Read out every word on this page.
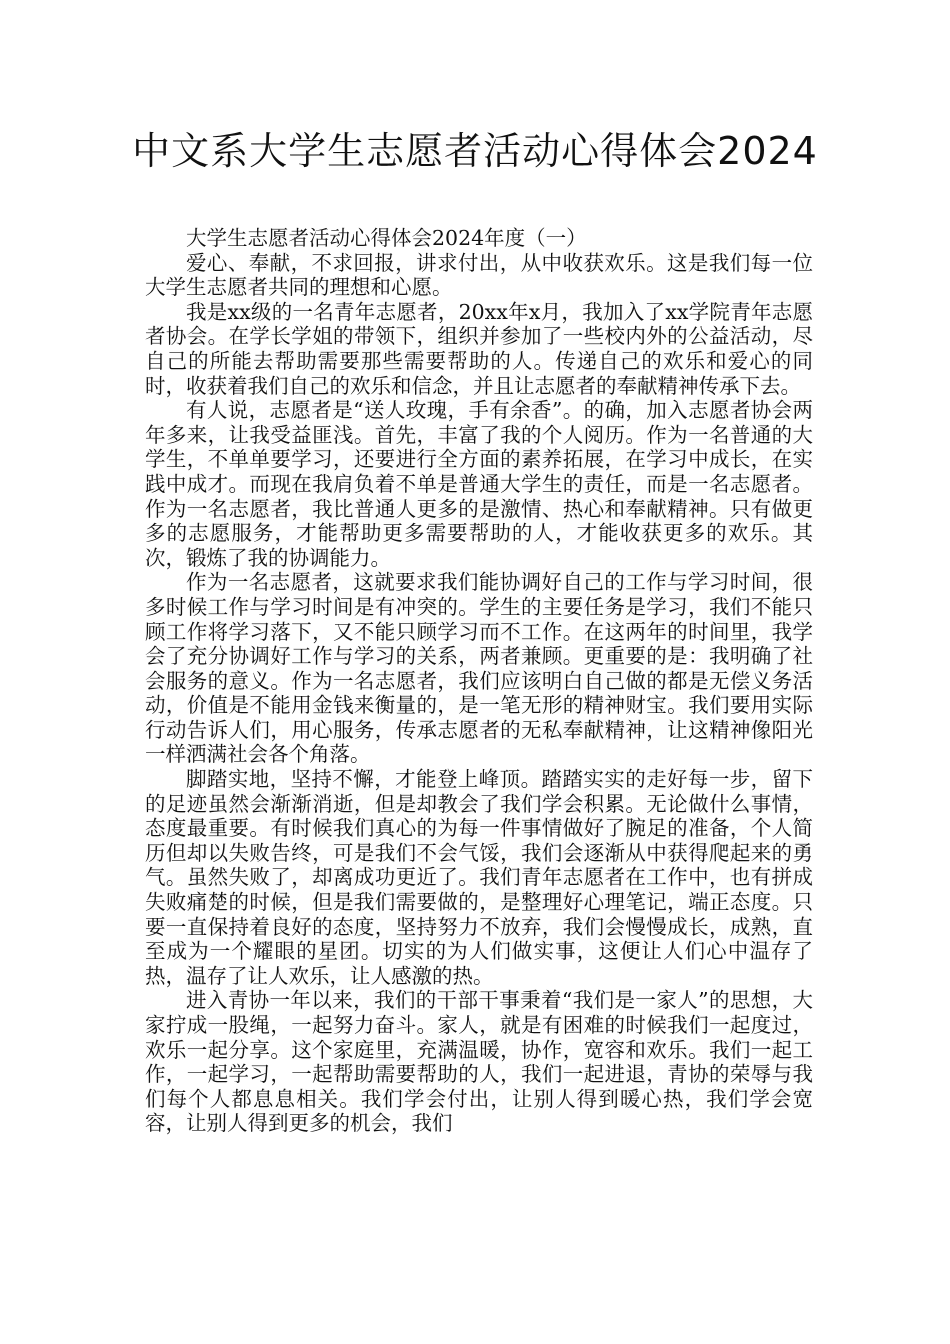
中文系大学生志愿者活动心得体会2024

大学生志愿者活动心得体会2024年度（一）

爱心、奉献，不求回报，讲求付出，从中收获欢乐。这是我们每一位大学生志愿者共同的理想和心愿。

我是xx级的一名青年志愿者，20xx年x月，我加入了xx学院青年志愿者协会。在学长学姐的带领下，组织并参加了一些校内外的公益活动，尽自己的所能去帮助需要那些需要帮助的人。传递自己的欢乐和爱心的同时，收获着我们自己的欢乐和信念，并且让志愿者的奉献精神传承下去。

有人说，志愿者是“送人玫瑰，手有余香”。的确，加入志愿者协会两年多来，让我受益匪浅。首先，丰富了我的个人阅历。作为一名普通的大学生，不单单要学习，还要进行全方面的素养拓展，在学习中成长，在实践中成才。而现在我肩负着不单是普通大学生的责任，而是一名志愿者。作为一名志愿者，我比普通人更多的是激情、热心和奉献精神。只有做更多的志愿服务，才能帮助更多需要帮助的人，才能收获更多的欢乐。其次，锻炼了我的协调能力。

作为一名志愿者，这就要求我们能协调好自己的工作与学习时间，很多时候工作与学习时间是有冲突的。学生的主要任务是学习，我们不能只顾工作将学习落下，又不能只顾学习而不工作。在这两年的时间里，我学会了充分协调好工作与学习的关系，两者兼顾。更重要的是：我明确了社会服务的意义。作为一名志愿者，我们应该明白自己做的都是无偿义务活动，价值是不能用金钱来衡量的，是一笔无形的精神财宝。我们要用实际行动告诉人们，用心服务，传承志愿者的无私奉献精神，让这精神像阳光一样洒满社会各个角落。

脚踏实地，坚持不懈，才能登上峰顶。踏踏实实的走好每一步，留下的足迹虽然会渐渐消逝，但是却教会了我们学会积累。无论做什么事情，态度最重要。有时候我们真心的为每一件事情做好了腕足的准备，个人简历但却以失败告终，可是我们不会气馁，我们会逐渐从中获得爬起来的勇气。虽然失败了，却离成功更近了。我们青年志愿者在工作中，也有拼成失败痛楚的时候，但是我们需要做的，是整理好心理笔记，端正态度。只要一直保持着良好的态度，坚持努力不放弃，我们会慢慢成长，成熟，直至成为一个耀眼的星团。切实的为人们做实事，这便让人们心中温存了热，温存了让人欢乐，让人感激的热。

进入青协一年以来，我们的干部干事秉着“我们是一家人”的思想，大家拧成一股绳，一起努力奋斗。家人，就是有困难的时候我们一起度过，欢乐一起分享。这个家庭里，充满温暖，协作，宽容和欢乐。我们一起工作，一起学习，一起帮助需要帮助的人，我们一起进退，青协的荣辱与我们每个人都息息相关。我们学会付出，让别人得到暖心热，我们学会宽容，让别人得到更多的机会，我们
